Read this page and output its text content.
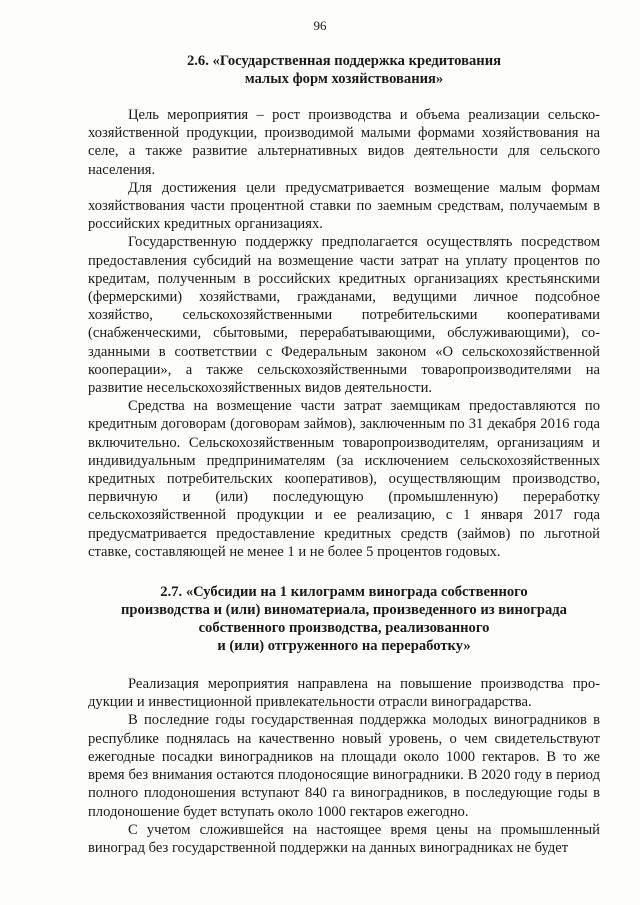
96
2.6. «Государственная поддержка кредитования
малых форм хозяйствования»

Цель мероприятия – рост производства и объема реализации сельскохозяйственной продукции, производимой малыми формами хозяйствования на селе, а также развитие альтернативных видов деятельности для сельского населения.

Для достижения цели предусматривается возмещение малым формам хозяйствования части процентной ставки по заемным средствам, получаемым в российских кредитных организациях.

Государственную поддержку предполагается осуществлять посредством предоставления субсидий на возмещение части затрат на уплату процентов по кредитам, полученным в российских кредитных организациях крестьянскими (фермерскими) хозяйствами, гражданами, ведущими личное подсобное хозяйство, сельскохозяйственными потребительскими кооперативами (снабженческими, сбытовыми, перерабатывающими, обслуживающими), созданными в соответствии с Федеральным законом «О сельскохозяйственной кооперации», а также сельскохозяйственными товаропроизводителями на развитие несельскохозяйственных видов деятельности.

Средства на возмещение части затрат заемщикам предоставляются по кредитным договорам (договорам займов), заключенным по 31 декабря 2016 года включительно. Сельскохозяйственным товаропроизводителям, организациям и индивидуальным предпринимателям (за исключением сельскохозяйственных кредитных потребительских кооперативов), осуществляющим производство, первичную и (или) последующую (промышленную) переработку сельскохозяйственной продукции и ее реализацию, с 1 января 2017 года предусматривается предоставление кредитных средств (займов) по льготной ставке, составляющей не менее 1 и не более 5 процентов годовых.

2.7. «Субсидии на 1 килограмм винограда собственного
производства и (или) виноматериала, произведенного из винограда
собственного производства, реализованного
и (или) отгруженного на переработку»

Реализация мероприятия направлена на повышение производства продукции и инвестиционной привлекательности отрасли виноградарства.

В последние годы государственная поддержка молодых виноградников в республике поднялась на качественно новый уровень, о чем свидетельствуют ежегодные посадки виноградников на площади около 1000 гектаров. В то же время без внимания остаются плодоносящие виноградники. В 2020 году в период полного плодоношения вступают 840 га виноградников, в последующие годы в плодоношение будет вступать около 1000 гектаров ежегодно.

С учетом сложившейся на настоящее время цены на промышленный виноград без государственной поддержки на данных виноградниках не будет
